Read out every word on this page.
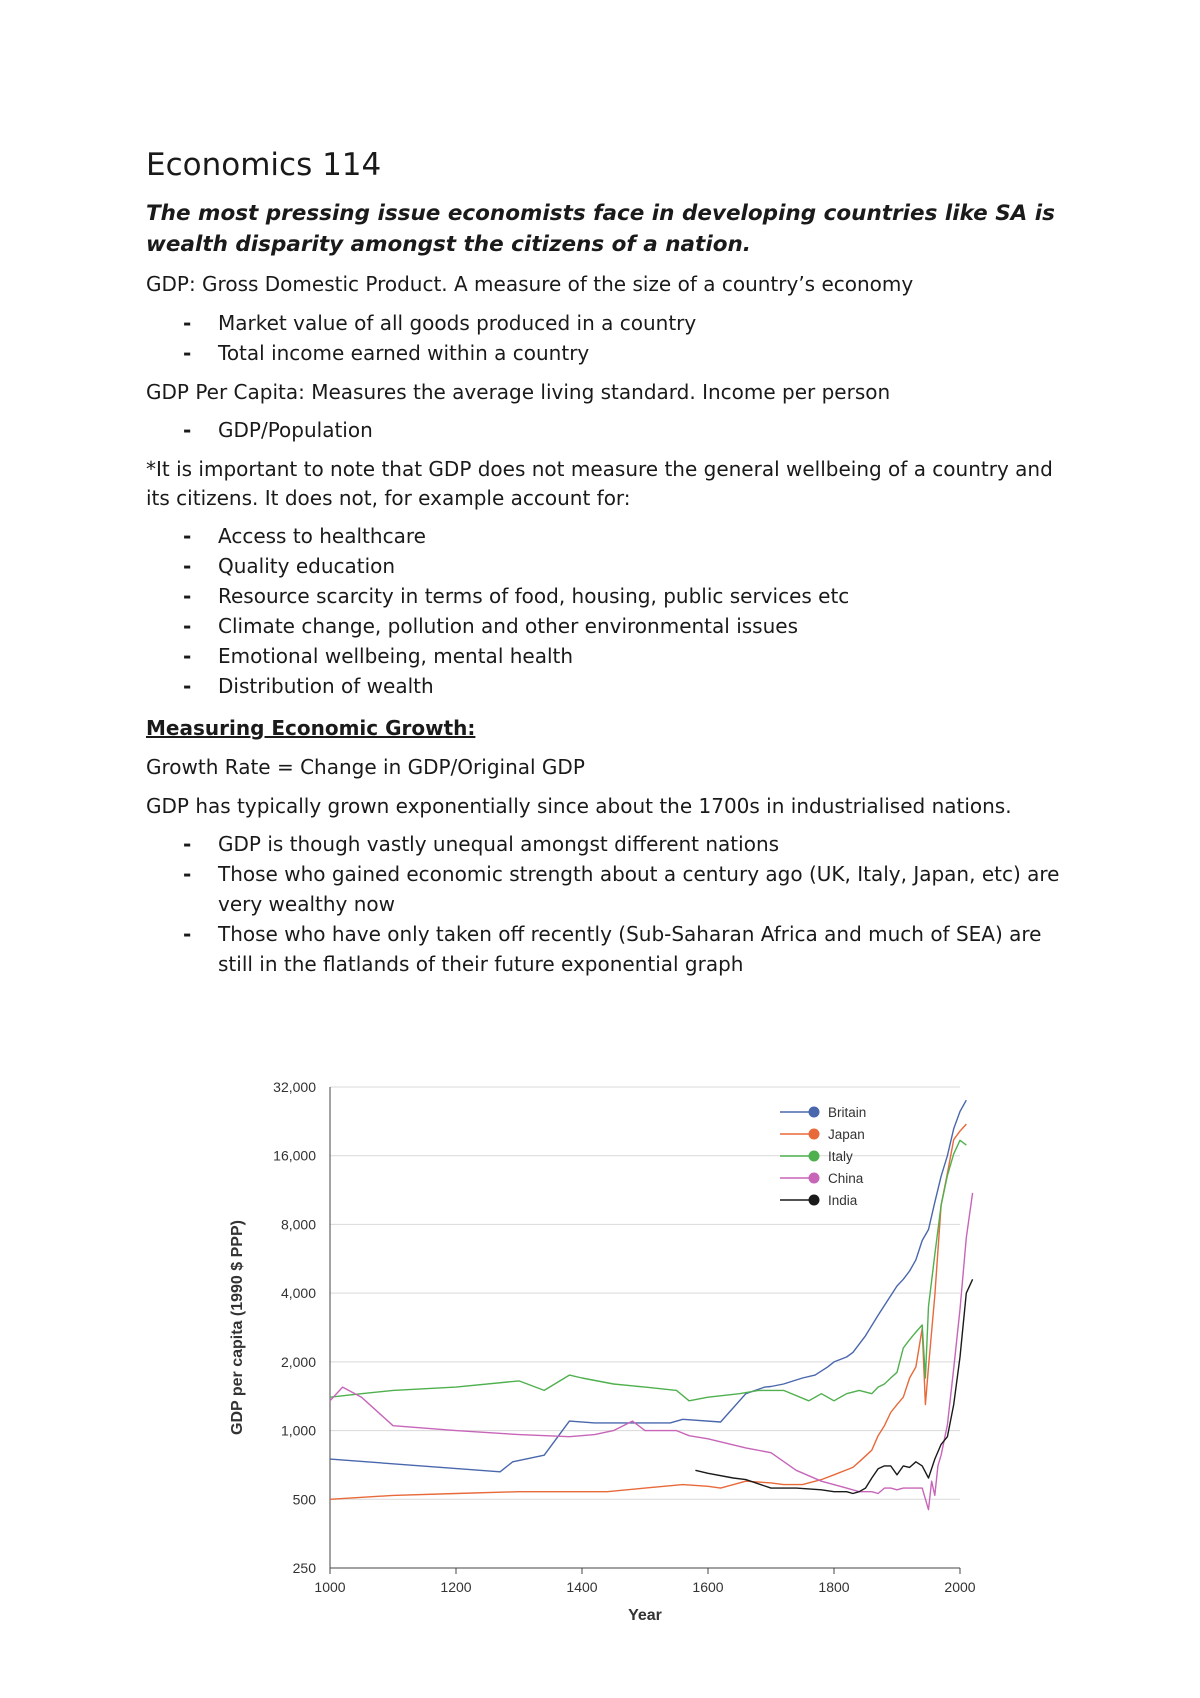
Economics 114
The most pressing issue economists face in developing countries like SA is wealth disparity amongst the citizens of a nation.

GDP: Gross Domestic Product. A measure of the size of a country’s economy

- Market value of all goods produced in a country
- Total income earned within a country

GDP Per Capita: Measures the average living standard. Income per person

- GDP/Population

*It is important to note that GDP does not measure the general wellbeing of a country and its citizens. It does not, for example account for:

- Access to healthcare
- Quality education
- Resource scarcity in terms of food, housing, public services etc
- Climate change, pollution and other environmental issues
- Emotional wellbeing, mental health
- Distribution of wealth
Measuring Economic Growth:

Growth Rate = Change in GDP/Original GDP

GDP has typically grown exponentially since about the 1700s in industrialised nations.

- GDP is though vastly unequal amongst different nations
- Those who gained economic strength about a century ago (UK, Italy, Japan, etc) are very wealthy now
- Those who have only taken off recently (Sub-Saharan Africa and much of SEA) are still in the flatlands of their future exponential graph
250
500
1,000
2,000
4,000
8,000
16,000
32,000
1000	1200	1400	1600	1800	2000
Year
GDP per capita (1990 $ PPP)
Britain
Japan
Italy
China
India
